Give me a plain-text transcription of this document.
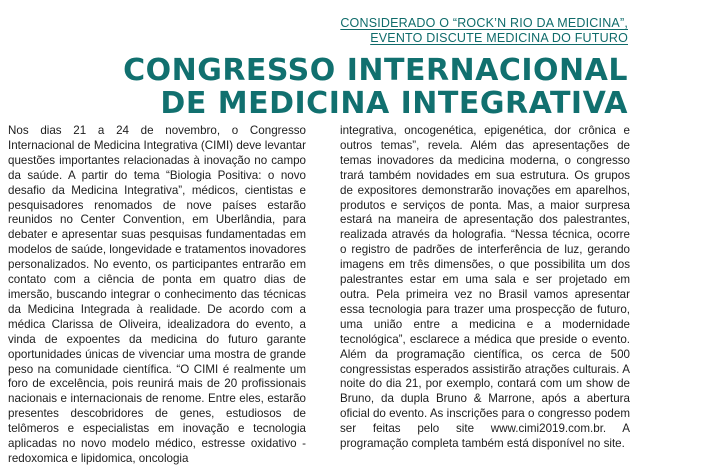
CONSIDERADO O “ROCK’N RIO DA MEDICINA”,
EVENTO DISCUTE MEDICINA DO FUTURO
CONGRESSO INTERNACIONAL
DE MEDICINA INTEGRATIVA

Nos dias 21 a 24 de novembro, o Congresso Internacional de Medicina Integrativa (CIMI) deve levantar questões importantes relacionadas à inovação no campo da saúde. A partir do tema “Biologia Positiva: o novo desafio da Medicina Integrativa”, médicos, cientistas e pesquisadores renomados de nove países estarão reunidos no Center Convention, em Uberlândia, para debater e apresentar suas pesquisas fundamentadas em modelos de saúde, longevidade e tratamentos inovadores personalizados. No evento, os participantes entrarão em contato com a ciência de ponta em quatro dias de imersão, buscando integrar o conhecimento das técnicas da Medicina Integrada à realidade. De acordo com a médica Clarissa de Oliveira, idealizadora do evento, a vinda de expoentes da medicina do futuro garante oportunidades únicas de vivenciar uma mostra de grande peso na comunidade científica. “O CIMI é realmente um foro de excelência, pois reunirá mais de 20 profissionais nacionais e internacionais de renome. Entre eles, estarão presentes descobridores de genes, estudiosos de telômeros e especialistas em inovação e tecnologia aplicadas no novo modelo médico, estresse oxidativo - redoxomica e lipidomica, oncologia

integrativa, oncogenética, epigenética, dor crônica e outros temas”, revela. Além das apresentações de temas inovadores da medicina moderna, o congresso trará também novidades em sua estrutura. Os grupos de expositores demonstrarão inovações em aparelhos, produtos e serviços de ponta. Mas, a maior surpresa estará na maneira de apresentação dos palestrantes, realizada através da holografia. “Nessa técnica, ocorre o registro de padrões de interferência de luz, gerando imagens em três dimensões, o que possibilita um dos palestrantes estar em uma sala e ser projetado em outra. Pela primeira vez no Brasil vamos apresentar essa tecnologia para trazer uma prospecção de futuro, uma união entre a medicina e a modernidade tecnológica”, esclarece a médica que preside o evento. Além da programação científica, os cerca de 500 congressistas esperados assistirão atrações culturais. A noite do dia 21, por exemplo, contará com um show de Bruno, da dupla Bruno & Marrone, após a abertura oficial do evento. As inscrições para o congresso podem ser feitas pelo site www.cimi2019.com.br. A programação completa também está disponível no site.
